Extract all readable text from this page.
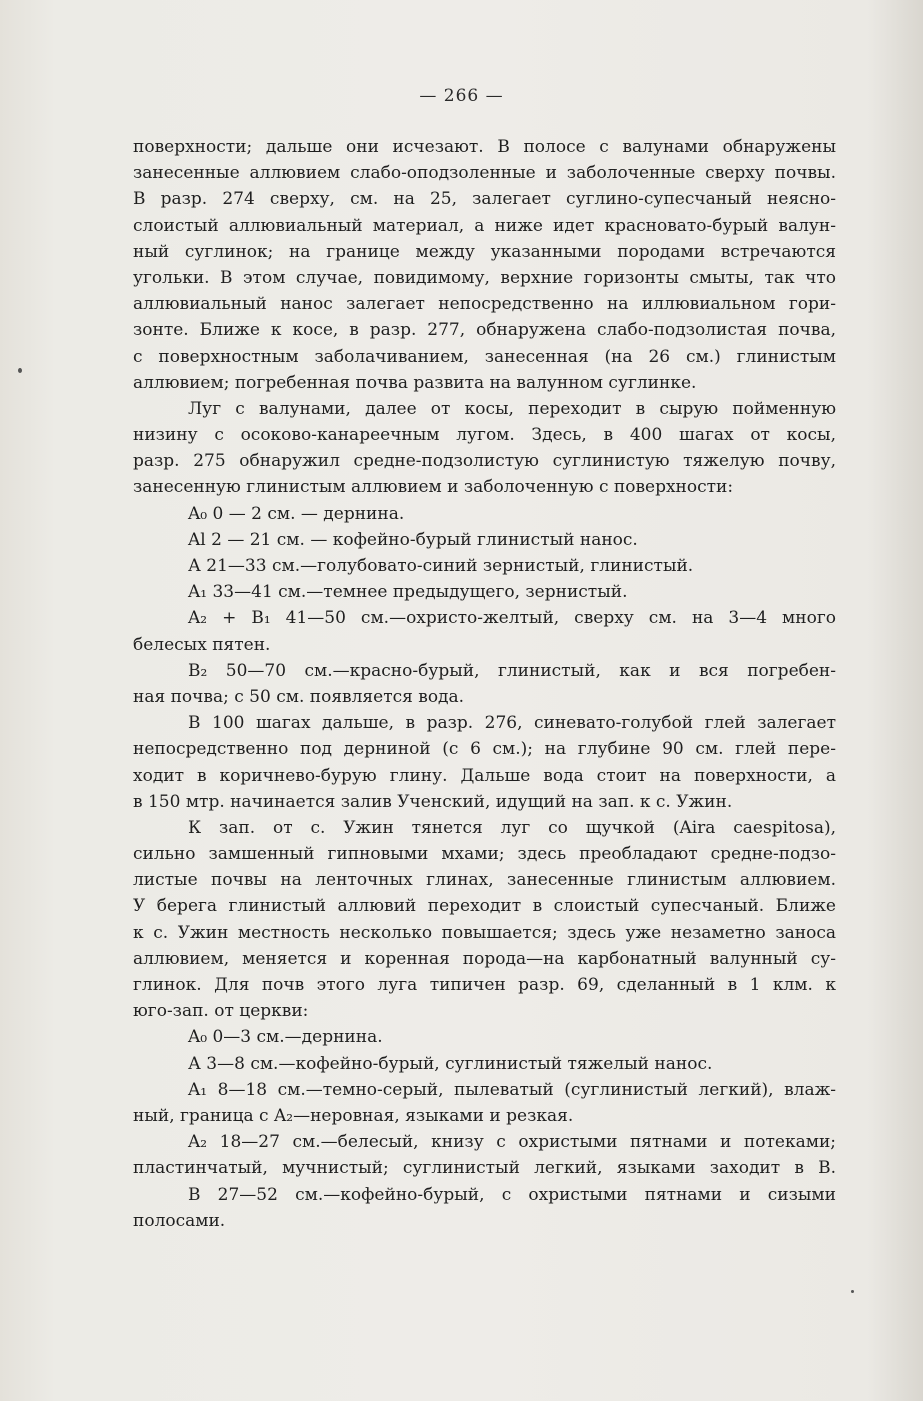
— 266 —
поверхности; дальше они исчезают. В полосе с валунами обнаружены
занесенные аллювием слабо-оподзоленные и заболоченные сверху почвы.
В разр. 274 сверху, см. на 25, залегает суглино-супесчаный неясно-
слоистый аллювиальный материал, а ниже идет красновато-бурый валун-
ный суглинок; на границе между указанными породами встречаются
угольки. В этом случае, повидимому, верхние горизонты смыты, так что
аллювиальный нанос залегает непосредственно на иллювиальном гори-
зонте. Ближе к косе, в разр. 277, обнаружена слабо-подзолистая почва,
с поверхностным заболачиванием, занесенная (на 26 см.) глинистым
аллювием; погребенная почва развита на валунном суглинке.
Луг с валунами, далее от косы, переходит в сырую пойменную
низину с осоково-канареечным лугом. Здесь, в 400 шагах от косы,
разр. 275 обнаружил средне-подзолистую суглинистую тяжелую почву,
занесенную глинистым аллювием и заболоченную с поверхности:
A₀ 0 — 2 см. — дернина.
Al 2 — 21 см. — кофейно-бурый глинистый нанос.
А 21—33 см.—голубовато-синий зернистый, глинистый.
A₁ 33—41 см.—темнее предыдущего, зернистый.
A₂ + B₁ 41—50 см.—охристо-желтый, сверху см. на 3—4 много
белесых пятен.
B₂ 50—70 см.—красно-бурый, глинистый, как и вся погребен-
ная почва; с 50 см. появляется вода.
В 100 шагах дальше, в разр. 276, синевато-голубой глей залегает
непосредственно под дерниной (с 6 см.); на глубине 90 см. глей пере-
ходит в коричнево-бурую глину. Дальше вода стоит на поверхности, а
в 150 мтр. начинается залив Ученский, идущий на зап. к с. Ужин.
К зап. от с. Ужин тянется луг со щучкой (Aira caespitosa),
сильно замшенный гипновыми мхами; здесь преобладают средне-подзо-
листые почвы на ленточных глинах, занесенные глинистым аллювием.
У берега глинистый аллювий переходит в слоистый супесчаный. Ближе
к с. Ужин местность несколько повышается; здесь уже незаметно заноса
аллювием, меняется и коренная порода—на карбонатный валунный су-
глинок. Для почв этого луга типичен разр. 69, сделанный в 1 клм. к
юго-зап. от церкви:
A₀ 0—3 см.—дернина.
А 3—8 см.—кофейно-бурый, суглинистый тяжелый нанос.
A₁ 8—18 см.—темно-серый, пылеватый (суглинистый легкий), влаж-
ный, граница с A₂—неровная, языками и резкая.
A₂ 18—27 см.—белесый, книзу с охристыми пятнами и потеками;
пластинчатый, мучнистый; суглинистый легкий, языками заходит в В.
В 27—52 см.—кофейно-бурый, с охристыми пятнами и сизыми
полосами.
